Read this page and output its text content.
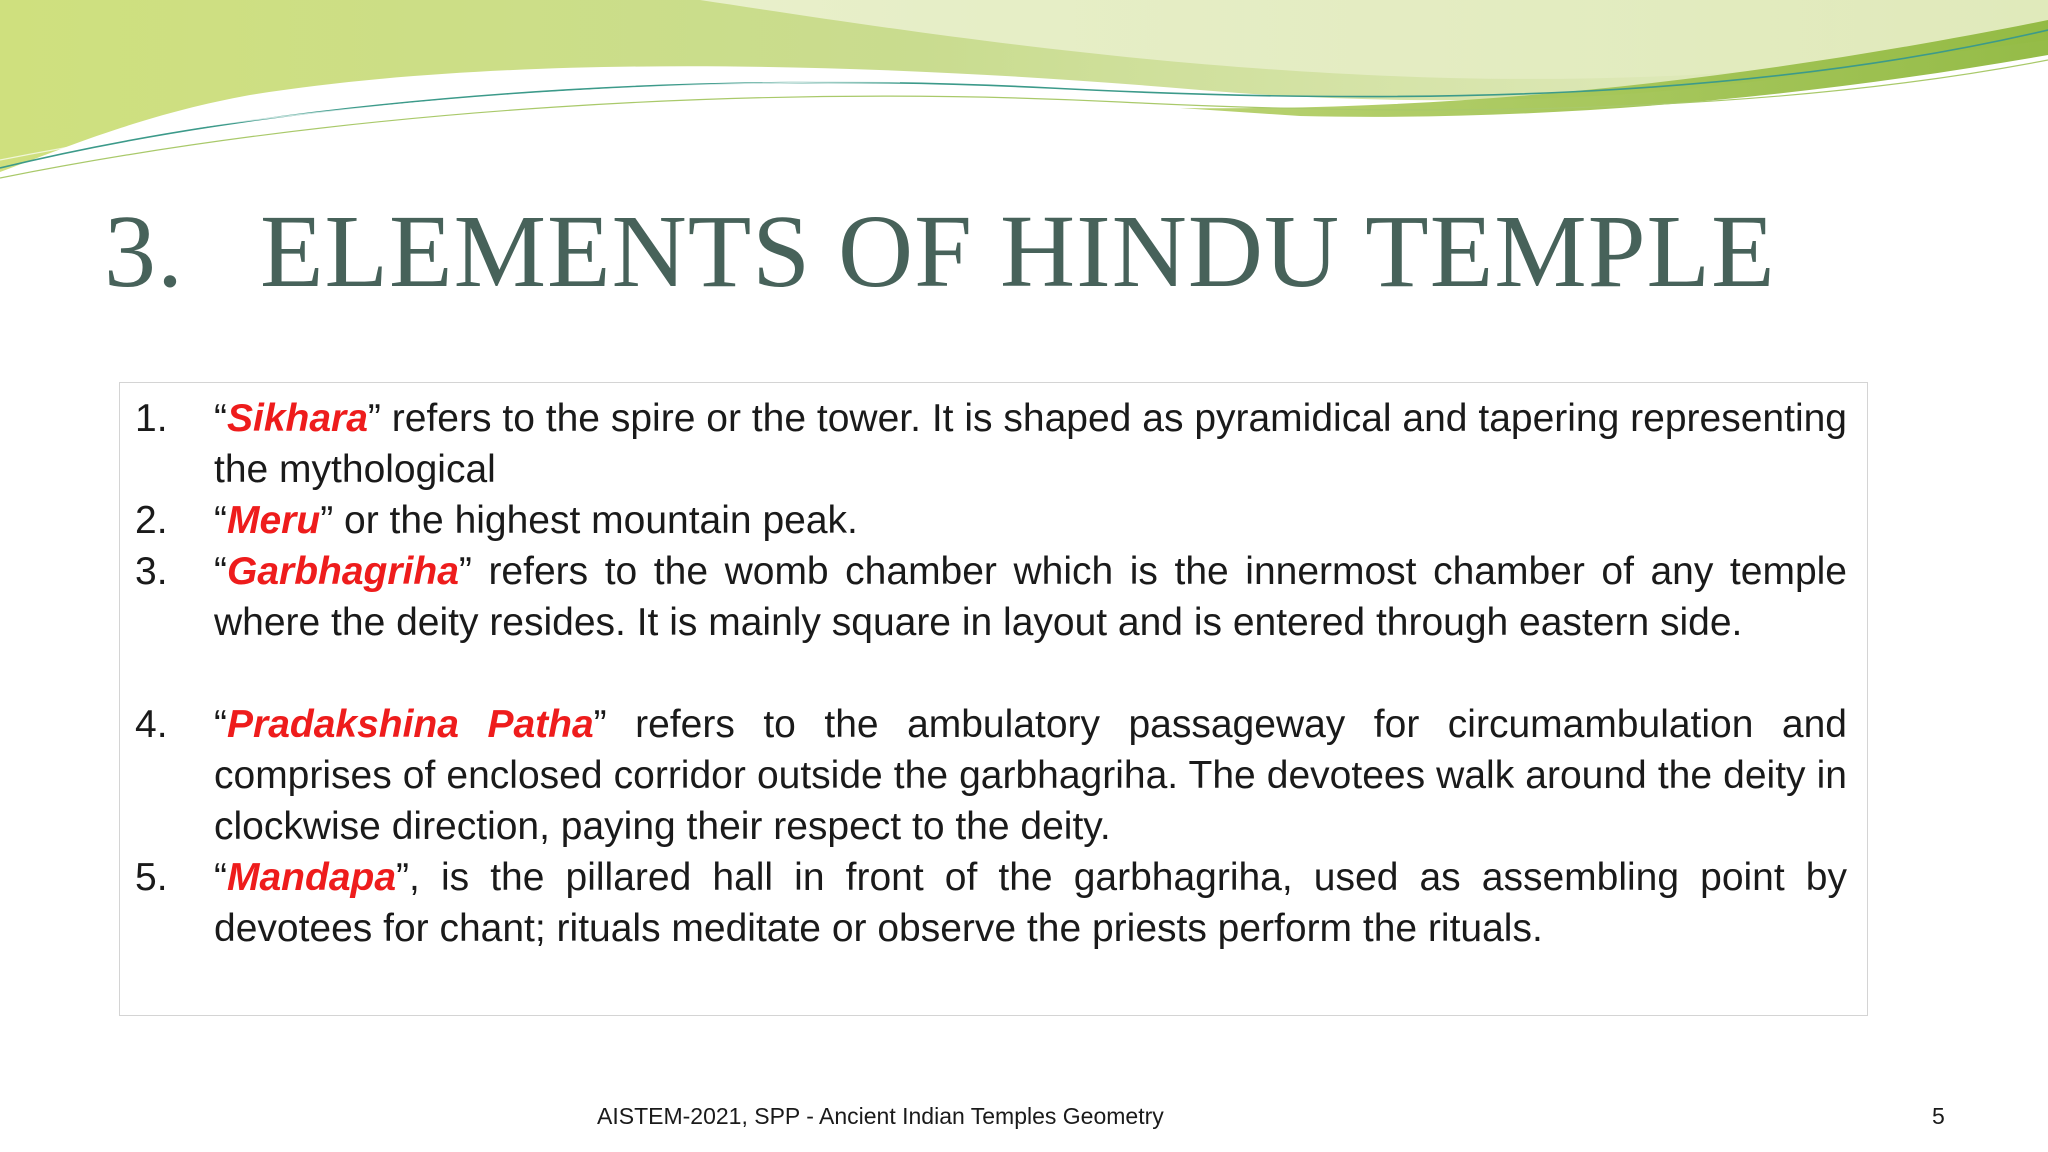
3. ELEMENTS OF HINDU TEMPLE
1. “Sikhara” refers to the spire or the tower. It is shaped as pyramidical and tapering representing the mythological
2. “Meru” or the highest mountain peak.
3. “Garbhagriha” refers to the womb chamber which is the innermost chamber of any temple where the deity resides. It is mainly square in layout and is entered through eastern side.
4. “Pradakshina Patha” refers to the ambulatory passageway for circumambulation and comprises of enclosed corridor outside the garbhagriha. The devotees walk around the deity in clockwise direction, paying their respect to the deity.
5. “Mandapa”, is the pillared hall in front of the garbhagriha, used as assembling point by devotees for chant; rituals meditate or observe the priests perform the rituals.
AISTEM-2021, SPP - Ancient Indian Temples Geometry	5
